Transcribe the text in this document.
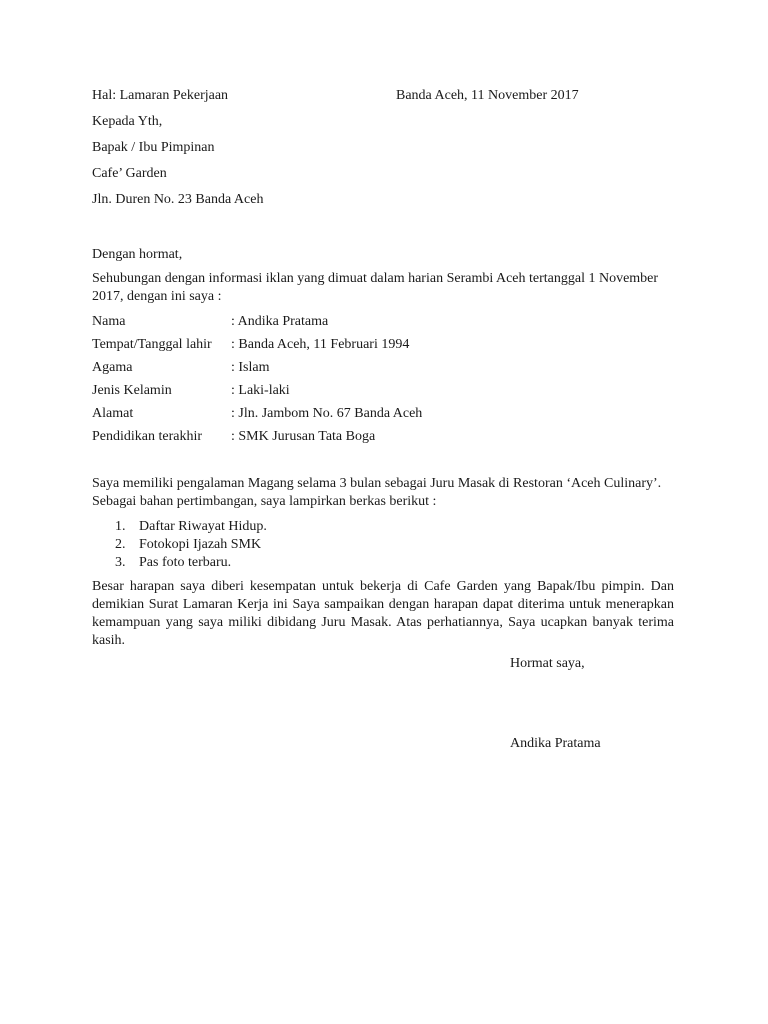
Hal: Lamaran Pekerjaan	Banda Aceh, 11 November 2017
Kepada Yth,
Bapak / Ibu Pimpinan
Cafe’ Garden
Jln. Duren No. 23 Banda Aceh
Dengan hormat,
Sehubungan dengan informasi iklan yang dimuat dalam harian Serambi Aceh tertanggal 1 November 2017, dengan ini saya :
Nama	: Andika Pratama
Tempat/Tanggal lahir : Banda Aceh, 11 Februari 1994
Agama	: Islam
Jenis Kelamin	: Laki-laki
Alamat	: Jln. Jambom No. 67 Banda Aceh
Pendidikan terakhir : SMK Jurusan Tata Boga
Saya memiliki pengalaman Magang selama 3 bulan sebagai Juru Masak di Restoran ‘Aceh Culinary’. Sebagai bahan pertimbangan, saya lampirkan berkas berikut :
1. Daftar Riwayat Hidup.
2. Fotokopi Ijazah SMK
3. Pas foto terbaru.
Besar harapan saya diberi kesempatan untuk bekerja di Cafe Garden yang Bapak/Ibu pimpin. Dan demikian Surat Lamaran Kerja ini Saya sampaikan dengan harapan dapat diterima untuk menerapkan kemampuan yang saya miliki dibidang Juru Masak. Atas perhatiannya, Saya ucapkan banyak terima kasih.
Hormat saya,
Andika Pratama
